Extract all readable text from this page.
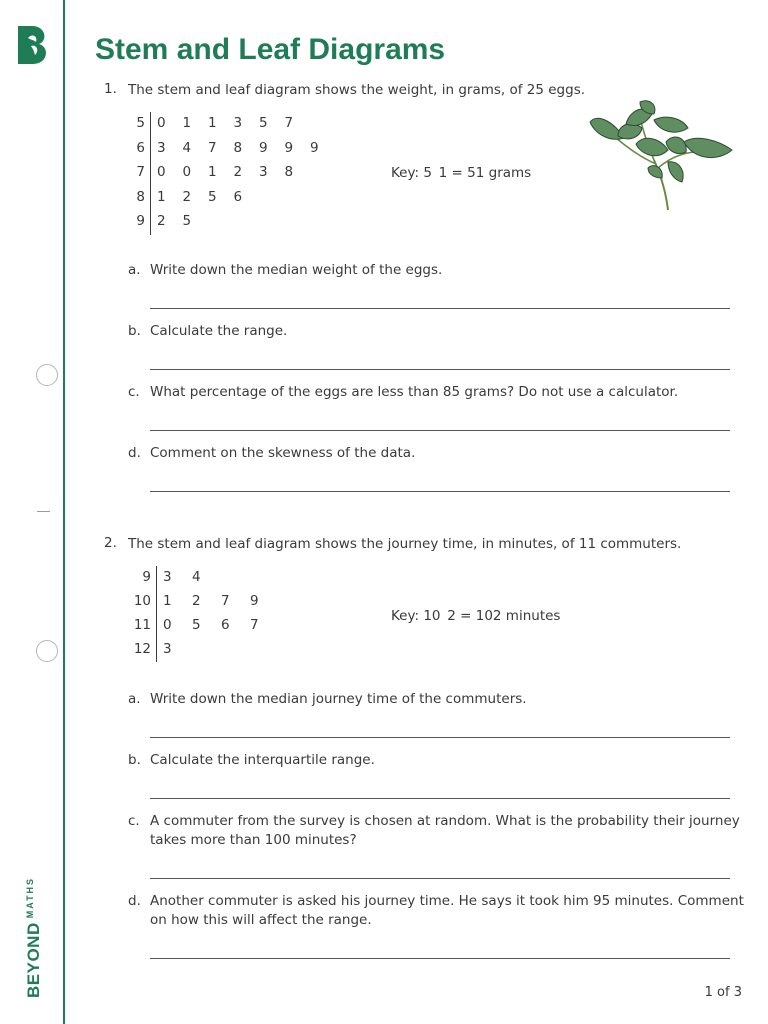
$BEYOND^{MATHS}$
Stem and Leaf Diagrams
1. The stem and leaf diagram shows the weight, in grams, of 25 eggs.
5 0 1 1 3 5 7
6 3 4 7 8 9 9 9
7 0 0 1 2 3 8
8 1 2 5 6
9 2 5
Key: 5 1 = 51 grams
a. Write down the median weight of the eggs.
b. Calculate the range.
c. What percentage of the eggs are less than 85 grams? Do not use a calculator.
d. Comment on the skewness of the data.
2. The stem and leaf diagram shows the journey time, in minutes, of 11 commuters.
9 3 4
10 1 2 7 9
11 0 5 6 7
12 3
Key: 10 2 = 102 minutes
a. Write down the median journey time of the commuters.
b. Calculate the interquartile range.
c. A commuter from the survey is chosen at random. What is the probability their journey
takes more than 100 minutes?
d. Another commuter is asked his journey time. He says it took him 95 minutes. Comment
on how this will affect the range.
1 of 3
